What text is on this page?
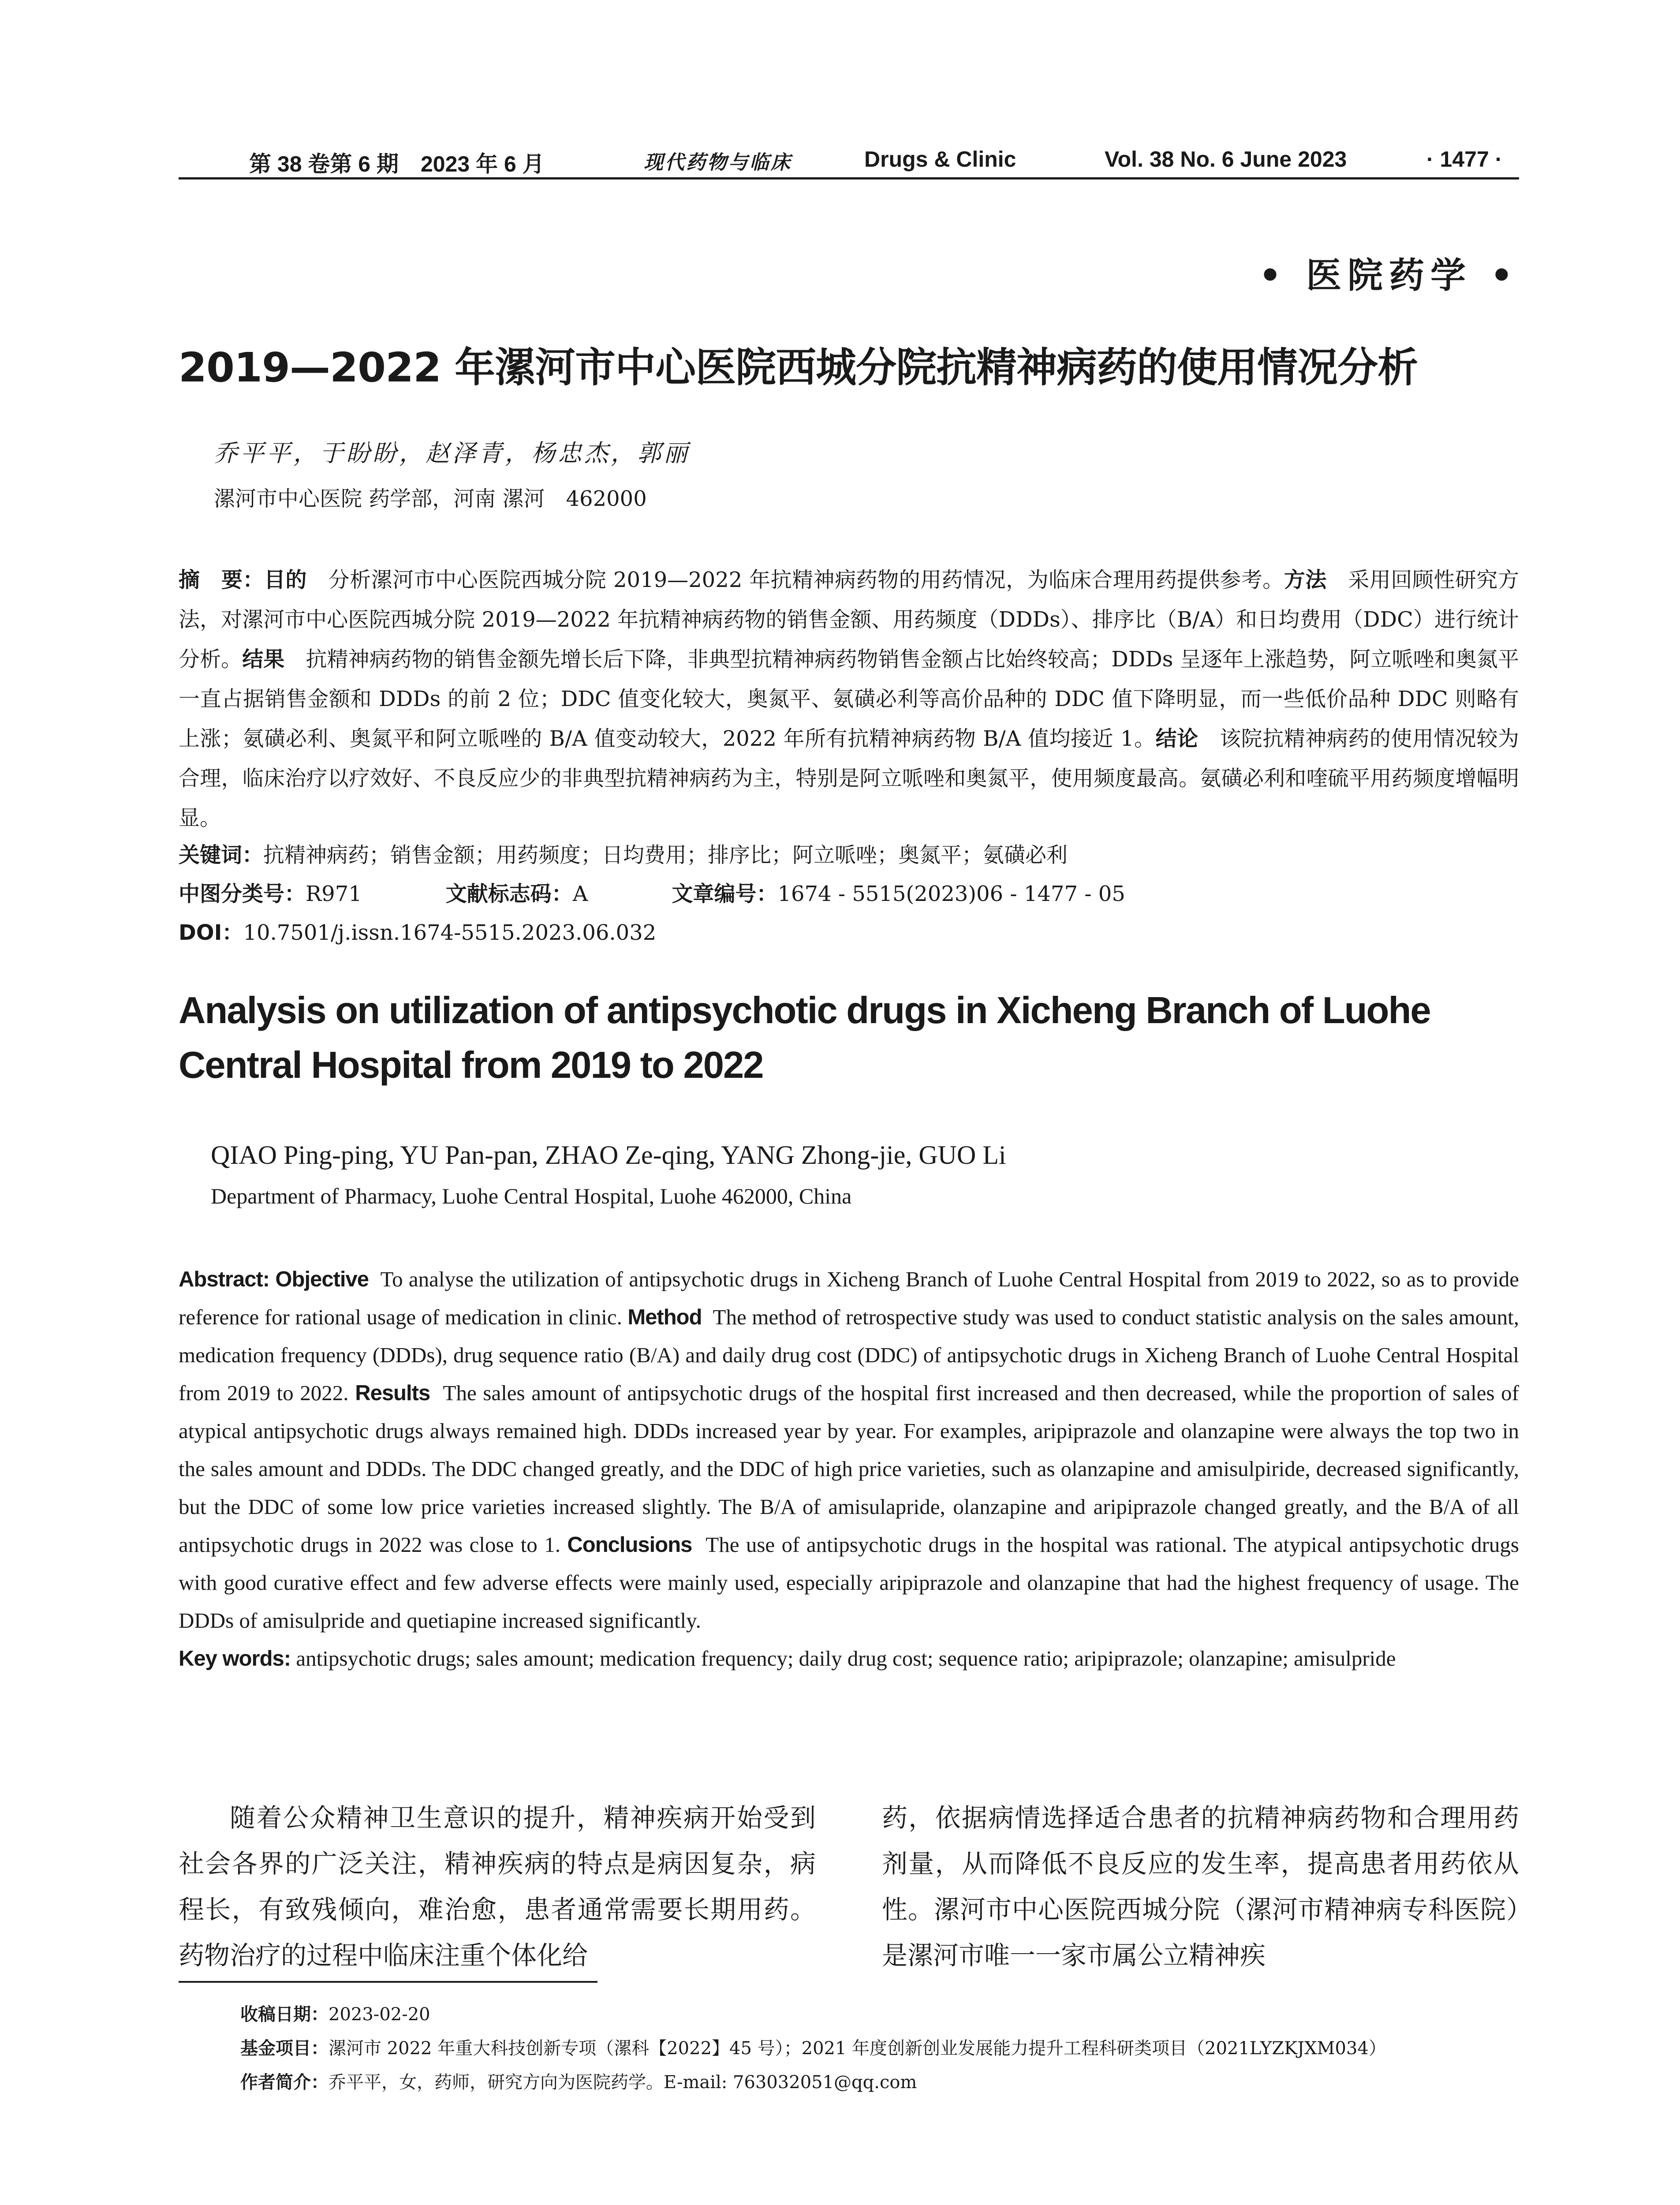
第 38 卷第 6 期　2023 年 6 月	现代药物与临床	Drugs & Clinic	Vol. 38 No. 6 June 2023	· 1477 ·
• 医院药学 •
2019—2022 年漯河市中心医院西城分院抗精神病药的使用情况分析
乔平平，于盼盼，赵泽青，杨忠杰，郭丽
漯河市中心医院 药学部，河南 漯河　462000
摘　要：目的　 分析漯河市中心医院西城分院 2019—2022 年抗精神病药物的用药情况，为临床合理用药提供参考。方法　 采用回顾性研究方法，对漯河市中心医院西城分院 2019—2022 年抗精神病药物的销售金额、用药频度（DDDs）、排序比（B/A）和日均费用（DDC）进行统计分析。结果　 抗精神病药物的销售金额先增长后下降，非典型抗精神病药物销售金额占比始终较高；DDDs 呈逐年上涨趋势，阿立哌唑和奥氮平一直占据销售金额和 DDDs 的前 2 位；DDC 值变化较大，奥氮平、氨磺必利等高价品种的 DDC 值下降明显，而一些低价品种 DDC 则略有上涨；氨磺必利、奥氮平和阿立哌唑的 B/A 值变动较大，2022 年所有抗精神病药物 B/A 值均接近 1。结论　 该院抗精神病药的使用情况较为合理，临床治疗以疗效好、不良反应少的非典型抗精神病药为主，特别是阿立哌唑和奥氮平，使用频度最高。氨磺必利和喹硫平用药频度增幅明显。
关键词：抗精神病药；销售金额；用药频度；日均费用；排序比；阿立哌唑；奥氮平；氨磺必利
中图分类号：R971	文献标志码：A	文章编号：1674 - 5515(2023)06 - 1477 - 05
DOI：10.7501/j.issn.1674-5515.2023.06.032
Analysis on utilization of antipsychotic drugs in Xicheng Branch of Luohe Central Hospital from 2019 to 2022
QIAO Ping-ping, YU Pan-pan, ZHAO Ze-qing, YANG Zhong-jie, GUO Li
Department of Pharmacy, Luohe Central Hospital, Luohe 462000, China
Abstract: Objective To analyse the utilization of antipsychotic drugs in Xicheng Branch of Luohe Central Hospital from 2019 to 2022, so as to provide reference for rational usage of medication in clinic. Method The method of retrospective study was used to conduct statistic analysis on the sales amount, medication frequency (DDDs), drug sequence ratio (B/A) and daily drug cost (DDC) of antipsychotic drugs in Xicheng Branch of Luohe Central Hospital from 2019 to 2022. Results The sales amount of antipsychotic drugs of the hospital first increased and then decreased, while the proportion of sales of atypical antipsychotic drugs always remained high. DDDs increased year by year. For examples, aripiprazole and olanzapine were always the top two in the sales amount and DDDs. The DDC changed greatly, and the DDC of high price varieties, such as olanzapine and amisulpiride, decreased significantly, but the DDC of some low price varieties increased slightly. The B/A of amisulapride, olanzapine and aripiprazole changed greatly, and the B/A of all antipsychotic drugs in 2022 was close to 1. Conclusions The use of antipsychotic drugs in the hospital was rational. The atypical antipsychotic drugs with good curative effect and few adverse effects were mainly used, especially aripiprazole and olanzapine that had the highest frequency of usage. The DDDs of amisulpride and quetiapine increased significantly.
Key words: antipsychotic drugs; sales amount; medication frequency; daily drug cost; sequence ratio; aripiprazole; olanzapine; amisulpride
随着公众精神卫生意识的提升，精神疾病开始受到社会各界的广泛关注，精神疾病的特点是病因复杂，病程长，有致残倾向，难治愈，患者通常需要长期用药。药物治疗的过程中临床注重个体化给
药，依据病情选择适合患者的抗精神病药物和合理用药剂量，从而降低不良反应的发生率，提高患者用药依从性。漯河市中心医院西城分院（漯河市精神病专科医院）是漯河市唯一一家市属公立精神疾
收稿日期：2023-02-20
基金项目：漯河市 2022 年重大科技创新专项（漯科【2022】45 号）；2021 年度创新创业发展能力提升工程科研类项目（2021LYZKJXM034）
作者简介：乔平平，女，药师，研究方向为医院药学。E-mail: 763032051@qq.com
